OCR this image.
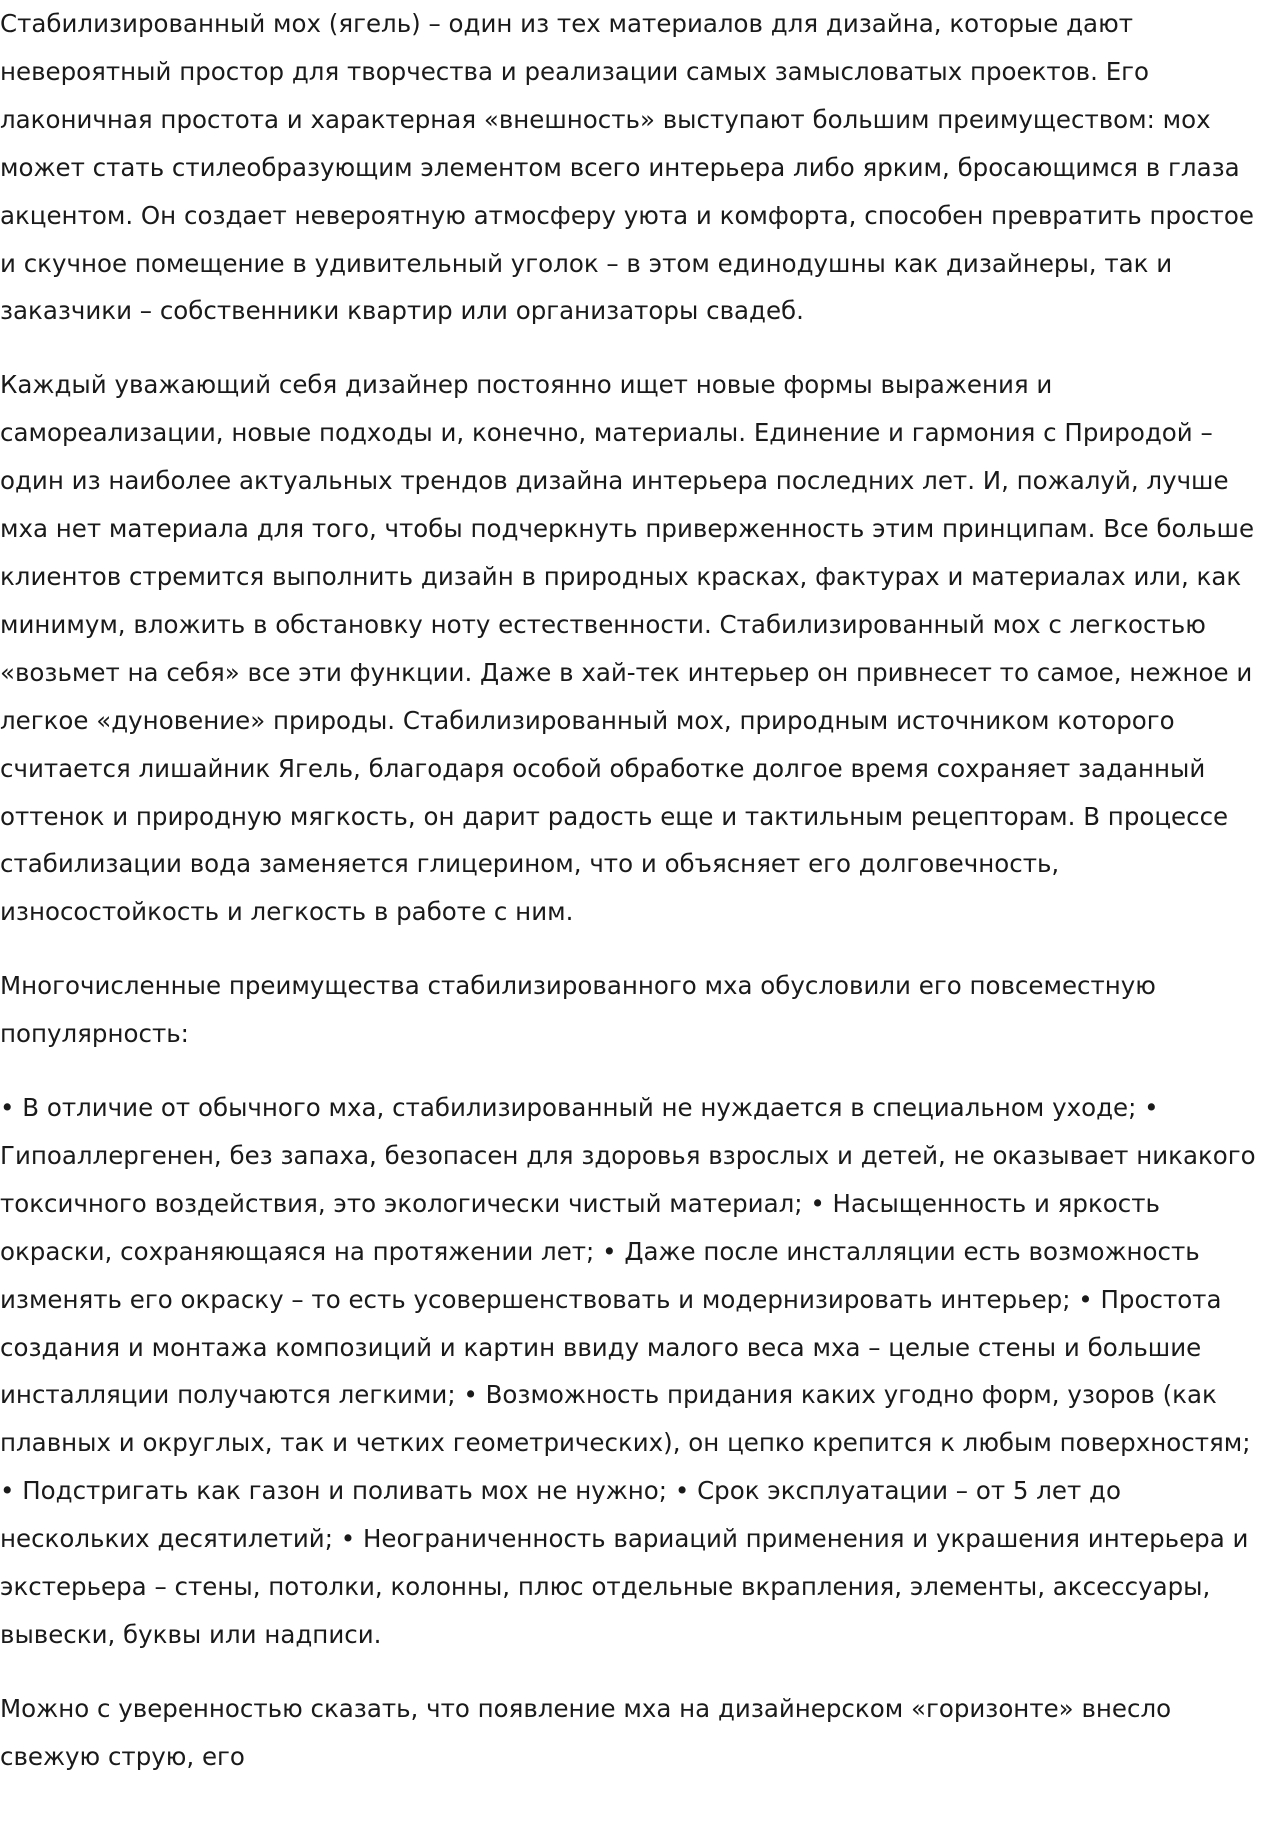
Стабилизированный мох (ягель) – один из тех материалов для дизайна, которые дают невероятный простор для творчества и реализации самых замысловатых проектов. Его лаконичная простота и характерная «внешность» выступают большим преимуществом: мох может стать стилеобразующим элементом всего интерьера либо ярким, бросающимся в глаза акцентом. Он создает невероятную атмосферу уюта и комфорта, способен превратить простое и скучное помещение в удивительный уголок – в этом единодушны как дизайнеры, так и заказчики – собственники квартир или организаторы свадеб.

Каждый уважающий себя дизайнер постоянно ищет новые формы выражения и самореализации, новые подходы и, конечно, материалы. Единение и гармония с Природой – один из наиболее актуальных трендов дизайна интерьера последних лет. И, пожалуй, лучше мха нет материала для того, чтобы подчеркнуть приверженность этим принципам. Все больше клиентов стремится выполнить дизайн в природных красках, фактурах и материалах или, как минимум, вложить в обстановку ноту естественности. Стабилизированный мох с легкостью «возьмет на себя» все эти функции. Даже в хай-тек интерьер он привнесет то самое, нежное и легкое «дуновение» природы. Стабилизированный мох, природным источником которого считается лишайник Ягель, благодаря особой обработке долгое время сохраняет заданный оттенок и природную мягкость, он дарит радость еще и тактильным рецепторам. В процессе стабилизации вода заменяется глицерином, что и объясняет его долговечность, износостойкость и легкость в работе с ним.

Многочисленные преимущества стабилизированного мха обусловили его повсеместную популярность:

• В отличие от обычного мха, стабилизированный не нуждается в специальном уходе; • Гипоаллергенен, без запаха, безопасен для здоровья взрослых и детей, не оказывает никакого токсичного воздействия, это экологически чистый материал; • Насыщенность и яркость окраски, сохраняющаяся на протяжении лет; • Даже после инсталляции есть возможность изменять его окраску – то есть усовершенствовать и модернизировать интерьер; • Простота создания и монтажа композиций и картин ввиду малого веса мха – целые стены и большие инсталляции получаются легкими; • Возможность придания каких угодно форм, узоров (как плавных и округлых, так и четких геометрических), он цепко крепится к любым поверхностям; • Подстригать как газон и поливать мох не нужно; • Срок эксплуатации – от 5 лет до нескольких десятилетий; • Неограниченность вариаций применения и украшения интерьера и экстерьера – стены, потолки, колонны, плюс отдельные вкрапления, элементы, аксессуары, вывески, буквы или надписи.

Можно с уверенностью сказать, что появление мха на дизайнерском «горизонте» внесло свежую струю, его
